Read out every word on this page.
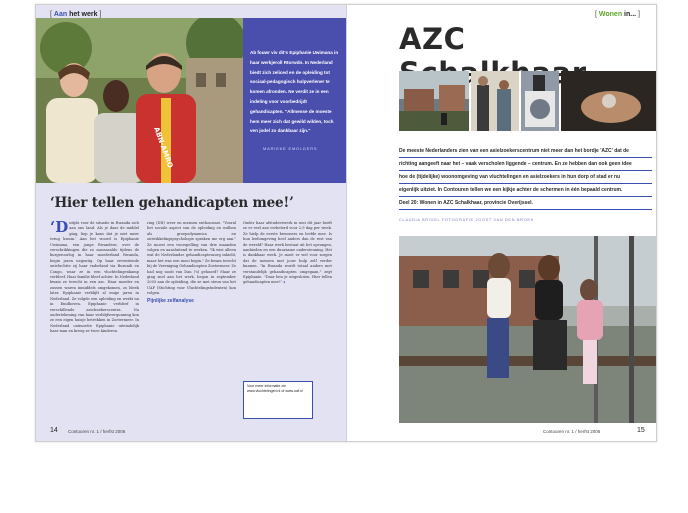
[ Aan het werk ]
ABN·AMRO
Ab fouwr viv dit's Epiphanie Uwimana in haar werkjeroll Rtorwdn. In Nederland biedt zich zeliced en de opleiding tot sociaal-pedagogisch hulpverlener te komen afronden. Ne verdit ze in een indeling voor voorbedrijdt gehandicapten. "Allmense de moeste hem meer zich dat gewild wilden, toch ven jodel zo dankbaar zijn."
MARIEKE EMOLDERS
‘Hier tellen gehandicapten mee!’
‘Dntijds voor de situatie in Rwanda zich aan ons land. Als je daar de middel ging, liep je kans dat je niet meer terug kwam.' Aan het woord is Epiphanie Uwimana, een jonge Rwandese, over de verschrikkingen die zo massasaldo tijdens de burgeroorlog in haar moederland Rwanda, begin jaren negentig. Op haar zeventiende ontvluchtte zij haar vaderland via Burundi en Congo, waar ze in een vluchtelingenkamp verbleef. Haar familie bleef achter. In Nederland kwam ze terecht in een azc. Haar moeder en zussen waren inmiddels omgekomen, zo bleek later. Epiphanie verblijft al enige jaren in Nederland. Ze volgde een opleiding en werkt nu in Eindhoven. Epiphanie verbleef in verschillende asielzoekerscentra. Na ondertekening van haar verblijfsvergunning kon ze een eigen huisje betrekken in Zoetermeer. In Nederland ontmoette Epiphanie uiteindelijk haar man en kreeg ze twee kinderen.
ring (DH) weer en mensen enthousiast. "Vooral het sociale aspect van de opleiding en walhen als groepsdynamica en ontwikkelingspsychologie spraken me erg aan." Ze moest een voorspelling van drie maanden volgen en aansluitend te werken. "Ik wist alleen wat de Nederlandse gehandicaptenzorg inhield, maar het was een mooi begin." Ze kwam terecht bij de Vereniging Gehandicapten Zoetermeer. Ze had nog nooit van Dan ('s) gehoord? Maar ze ging snel aan het werk, begon in september 2003 aan de opleiding, die ze met steun van het UAF (Stichting voor Vluchtelingstudenten) kon volgen.
Pijnlijke zelfanalyse
Onder haar afstudeerwerk in mei dit jaar heeft ze er veel aan verbeterd voor 2,9 dag per week. Ze hielp de eerste bewoners en leefde mee. Is hun leefomgeving heel anders dan de rest van de wereld? Haar werk bestaat uit het opvangen, aanbieden en een duurzame ondersteuning. Het is dankbaar werk. Je moet er wel voor zorgen dat de mensen met jouw hulp zelf verder kunnen. "In Rwanda wordt totaal anders met verstandelijk gehandicapten omgegaan," zegt Epiphanie. "Daar ben je uitgesloten. Hier tellen gehandicapten mee!" ◂
Voor meer informatie zie www.vluchtelingen.nl of www.uaf.nl
14 Contouren nr. 1 / herfst 2006
[ Wonen in... ]
AZC
De meeste Nederlanders zien van een asielzoekerscentrum niet meer dan het bordje 'AZC' dat de
richting aangeeft naar het – vaak verscholen liggende – centrum. En ze hebben dan ook geen idee
hoe de (tijdelijke) woonomgeving van vluchtelingen en asielzoekers in hun dorp of stad er nu
eigenlijk uitziet. In Contouren tellen we een kijkje achter de schermen in één bepaald centrum.
Deel 20: Wonen in AZC Schalkhaar, provincie Overijssel.
CLAUDIA BRIGEL FOTOGRAFIE JOOST VAN DEN BROEK
Contouren nr. 1 / herfst 2006	15
